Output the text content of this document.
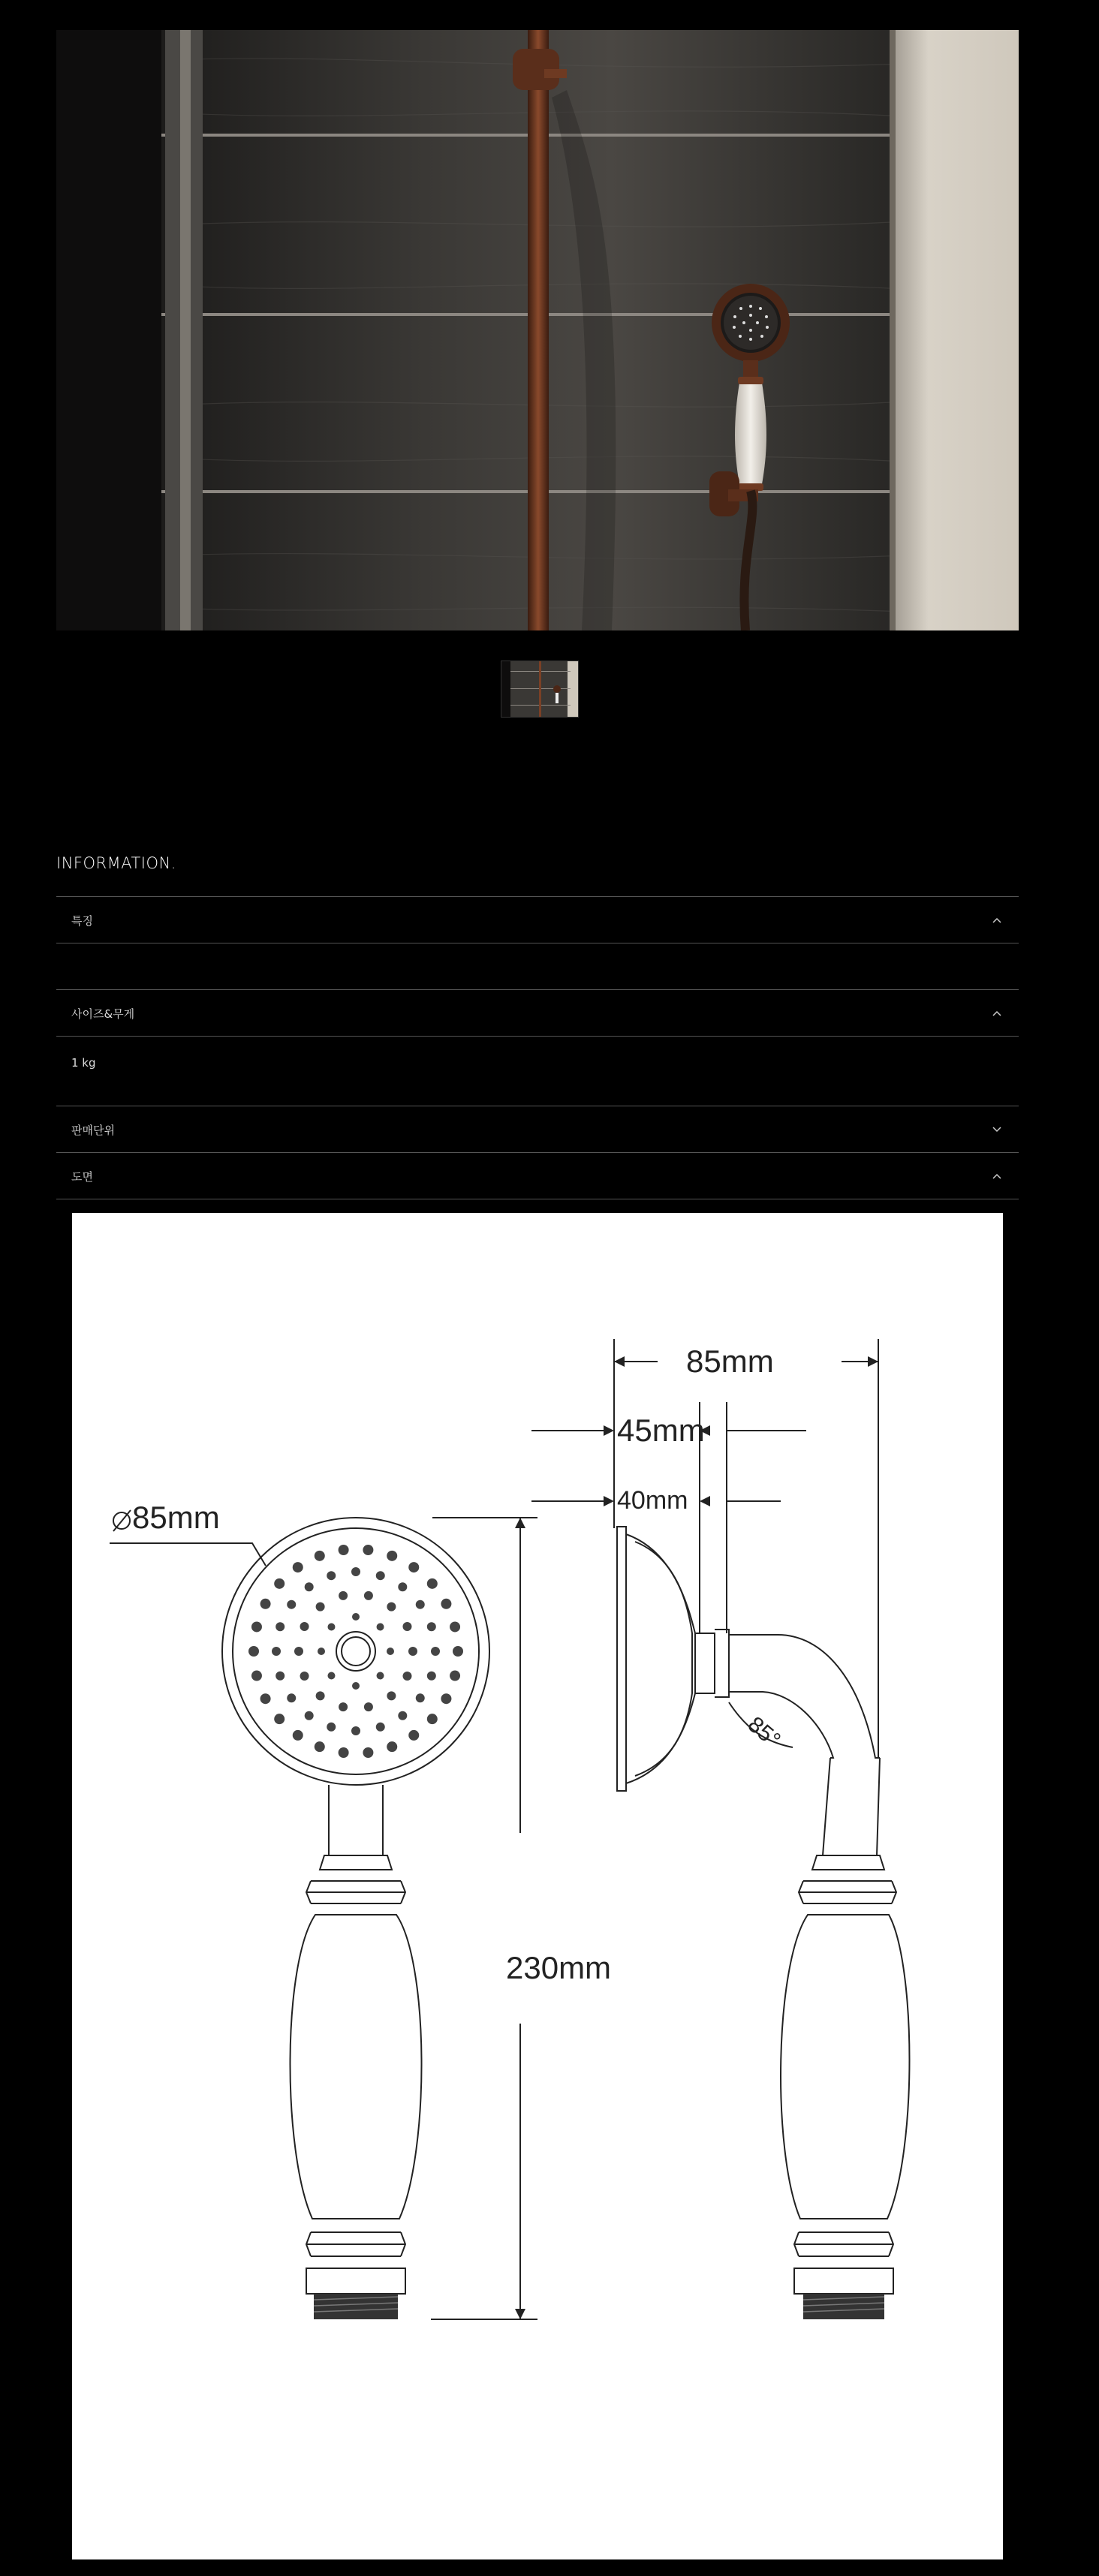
INFORMATION.
특징
사이즈&무게
1 kg
판매단위
도면
85mm
85mm
45mm
40mm
230mm
85°
